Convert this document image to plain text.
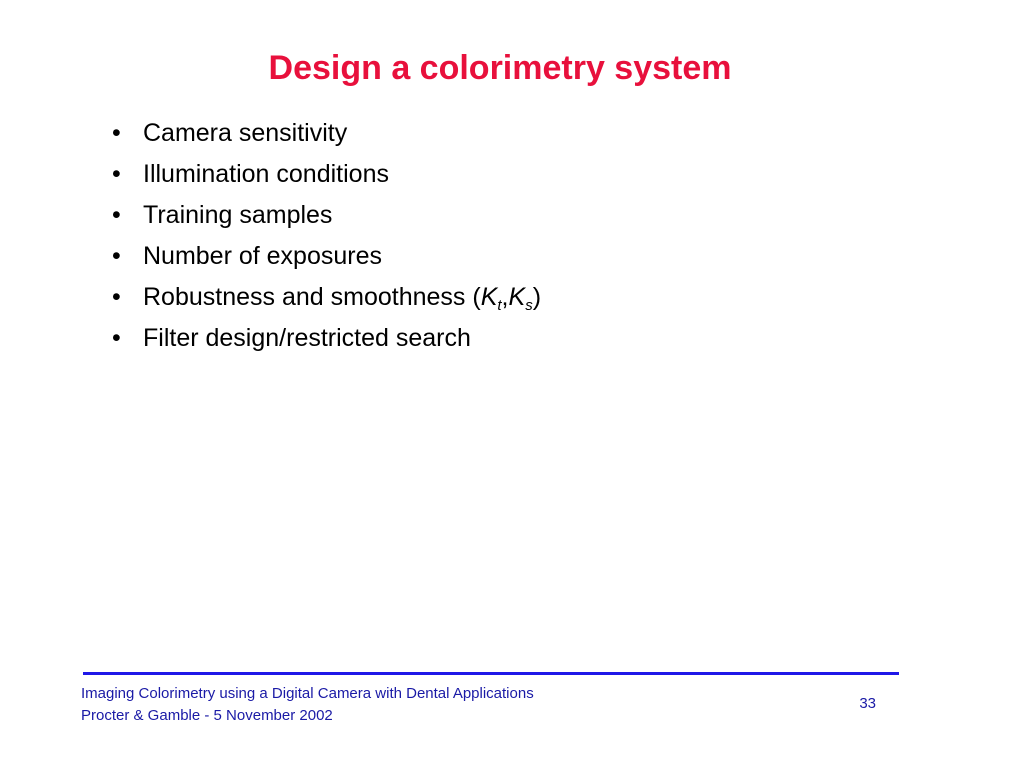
Design a colorimetry system
• Camera sensitivity
• Illumination conditions
• Training samples
• Number of exposures
• Robustness and smoothness $(K_t,K_s)$
• Filter design/restricted search
Imaging Colorimetry using a Digital Camera with Dental Applications
Procter & Gamble - 5 November 2002
33
